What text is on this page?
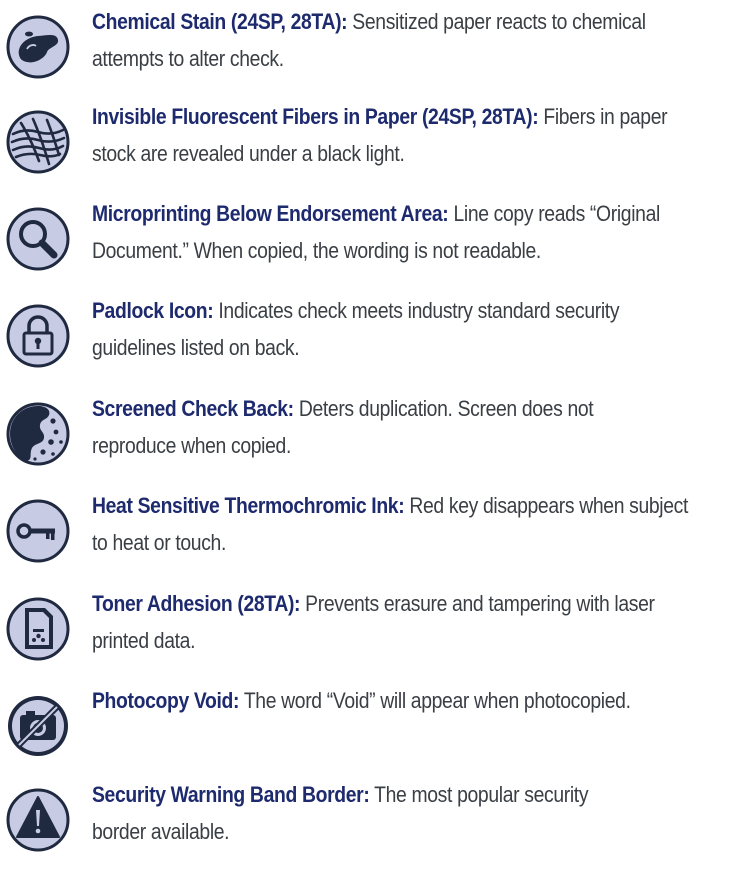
Chemical Stain (24SP, 28TA): Sensitized paper reacts to chemical
attempts to alter check.
Invisible Fluorescent Fibers in Paper (24SP, 28TA): Fibers in paper
stock are revealed under a black light.
Microprinting Below Endorsement Area: Line copy reads “Original
Document.” When copied, the wording is not readable.
Padlock Icon: Indicates check meets industry standard security
guidelines listed on back.
Screened Check Back: Deters duplication. Screen does not
reproduce when copied.
Heat Sensitive Thermochromic Ink: Red key disappears when subject
to heat or touch.
Toner Adhesion (28TA): Prevents erasure and tampering with laser
printed data.
Photocopy Void: The word “Void” will appear when photocopied.
Security Warning Band Border: The most popular security
border available.
